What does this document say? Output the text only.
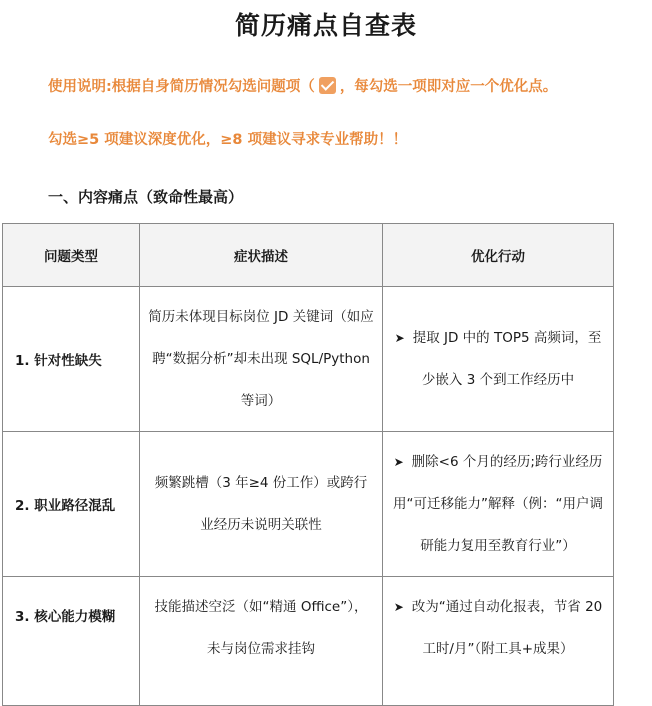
简历痛点自查表
使用说明:根据自身简历情况勾选问题项（ ，每勾选一项即对应一个优化点。
勾选≥5 项建议深度优化，≥8 项建议寻求专业帮助！！
一、内容痛点（致命性最高）
问题类型	症状描述	优化行动
1. 针对性缺失	简历未体现目标岗位 JD 关键词（如应聘“数据分析”却未出现 SQL/Python 等词）	➤ 提取 JD 中的 TOP5 高频词，至少嵌入 3 个到工作经历中
2. 职业路径混乱	频繁跳槽（3 年≥4 份工作）或跨行业经历未说明关联性	➤ 删除<6 个月的经历;跨行业经历用“可迁移能力”解释（例：“用户调研能力复用至教育行业”）
3. 核心能力模糊	技能描述空泛（如“精通 Office”），未与岗位需求挂钩	➤ 改为“通过自动化报表，节省 20 工时/月”（附工具+成果）
